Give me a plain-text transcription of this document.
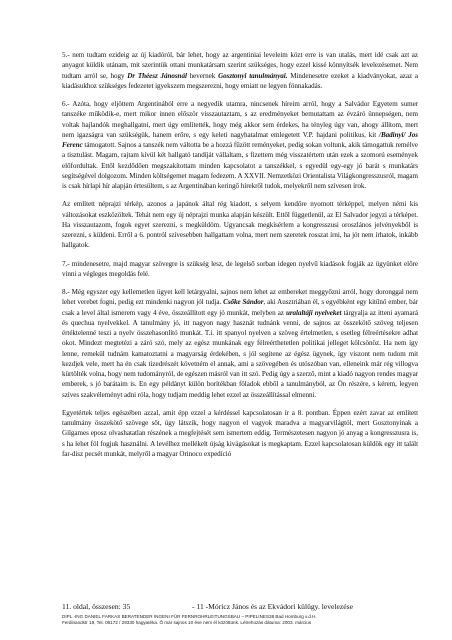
5.- nem tudtam ezideig az új kiadóról, bár lehet, hogy az argentiniai leveleim közt erre is van utalás, mert idé csak azt az anyagot küldik utánam, mit szerintük ottani munkatársam szerint szükséges, hogy ezzel kissé könnyítsék levelezésemet. Nem tudtam arról se, hogy Dr Théesz Jánosnál hevernek Gosztonyi tanulmányai. Mindenesetre ezeket a kiadványokat, azaz a kiadásukhoz szükséges fedezetet igyekszem megszerezni, hogy emiatt ne legyen fönnakadás.

6.- Azóta, hogy eljöttem Argentinából erre a negyedik utamra, nincsenek híreim arról, hogy a Salvádor Egyetem sumer tanszéke működik-e, mert mikor innen először visszautaztam, s az eredményeket bemutattam az évzáró ünnepségen, nem voltak hajlandók meghallgatni, mert úgy említették, hogy még akkor sem érdekes, ha tényleg úgy van, ahogy állítom, mert nem igazságra van szükségük, hanem erőre, s egy keleti nagyhatalmat emlegetett V.P. hajdani politikus, kit /Badinyi/ Jos Ferenc támogatott. Sajnos a tanszék nem váltotta be a hozzá fűzött reményeket, pedig sokan voltunk, akik támogattuk remélve a tisztulást. Magam, rajtam kívül két hallgató tandíját vállaltam, s fizettem még visszatértem után ezek a szomorú események előfordultak. Ettől kezdődően megszakítottam minden kapcsolatot a tanszékkel, s egyedül egy-egy jó barát s munkatárs segítségével dolgozom. Minden költségemet magam fedezem. A XXVII. Nemzetközi Orientalista Világkongresszusról, magam is csak hírlapi hír alapján értesültem, s az Argentinában keringő hírekről tudok, melyekről nem szívesen írok.

Az említett néprajzi térkép, azonos a japánok által rég kiadott, s selyem kendőre nyomott térképpel, melyen némi kis változásokat eszközöltek. Tehát nem egy új néprajzi munka alapján készült. Ettől függetlenül, az El Salvador jegyzi a térképet. Ha visszautazom, fogok egyet szerezni, s megküldöm. Ugyancsak megkísérlem a kongresszusi oroszlános jelvényekből is szerezni, s küldeni. Erről a 6. pontról szívesebben hallgattam volna, mert nem szeretek rosszat írni, ha jót nem írhatok, inkább hallgatok.

7.- mindenesetre, majd magyar szövegre is szükség lesz, de legelső sorban idegen nyelvű kiadások fogják az ügyünket előre vinni a végleges megoldás felé.

8.- Még egyszer egy kellemetlen ügyet kell letárgyalni, sajnos nem lehet az embereket meggyőzni arról, hogy doronggal nem lehet verebet fogni, pedig ezt mindenki nagyon jól tudja. Csőke Sándor, aki Ausztriában él, s egyébként egy kitűnő ember, bár csak a level által ismerem vagy 4 éve, összeállított egy jó munkát, melyben az uralaltáji nyelveket tárgyalja az itteni ayamará és quechua nyelvekkel. A tanulmány jó, itt nagyon nagy hasznát tudnánk venni, de sajnos az összekötő szöveg teljesen értéktelenné teszi a nyelv összehasonlító munkát. T.i. itt spanyol nyelven a szöveg értelmetlen, s esetleg félreértésekre adhat okot. Mindezt megtetézi a záró szó, mely az egész munkának egy félreérthetetlen politikai jelleget kölcsönöz. Ha nem így lenne, remekül tudnám kamatoztatni a magyarság érdekében, s jól segítene az égész ügynek, így viszont nem tudom mit kezdjek vele, mert ha én csak tizedrészét követném el annak, ami a szövegében és utószóban van, elleneink már rég villogva kürtölték volna, hogy nem tudományról, de egészen másról van itt szó. Pedig úgy a szerző, mint a kiadó nagyon rendes magyar emberek, s jó barátaim is. En egy példányt külön borítékban föladok ebből a tanulmányból, az Ön részére, s kérem, legyen szíves szakvéleményt adni róla, hogy tudjam meddig lehet ezzel az összeállítással elmenni.

Egyetértek teljes egészében azzal, amit épp ezzel a kérdéssel kapcsolatosan ír a 8. pontban. Éppen ezért zavar az említett tanulmány összekötő szövege sőt, úgy látszik, hogy nagyon el vagyok maradva a magyarvilágtól, mert Gosztonyinak a Gilgames eposz olvashatatlan részének a megfejtését sem ismertem eddig. Természetesen nagyon jó anyag a kongresszusra is, s ha lehet föl fogjuk használni. A levélhez mellékelt újság kivágásokat is megkaptam. Ezzel kapcsolatosan küldök egy itt talált far-disz pecsét munkát, melyről a magyar Orinoco expedíció

11. oldal, összesen: 35	- 11 -Móricz János és az Ekvádori külügy. levelezése
DIPL.-ING DANIEL FARKAS BERATENDER INGENI FÜR FERNROHRLEITUNGSBAU – PIPELINES38 Bad Homburg v.d.H.
Ferdinandstr 19, Tel. 06172 / 29330 hagyatéka. Ő már sajnos 10 éve nem él közöttünk. Létrehozás dátuma: 2003. március
